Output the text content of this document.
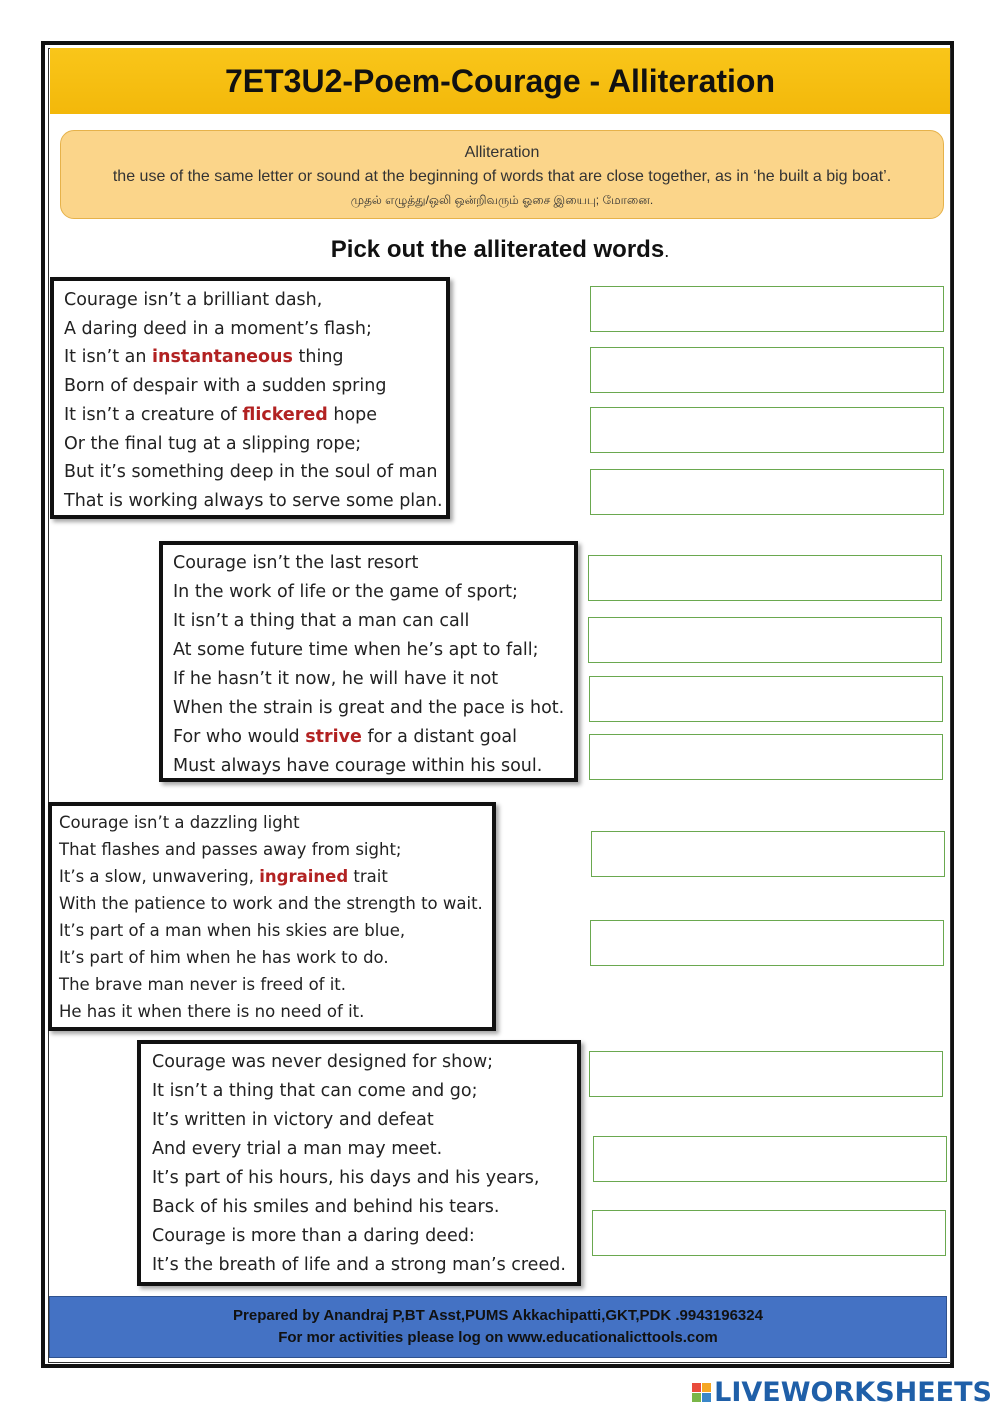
7ET3U2-Poem-Courage - Alliteration
Alliteration
the use of the same letter or sound at the beginning of words that are close together, as in ‘he built a big boat’.
முதல் எழுத்து/ஒலி ஒன்றிவரும் ஓசை இயைபு; மோனை.
Pick out the alliterated words.
Courage isn’t a brilliant dash,
A daring deed in a moment’s flash;
It isn’t an instantaneous thing
Born of despair with a sudden spring
It isn’t a creature of flickered hope
Or the final tug at a slipping rope;
But it’s something deep in the soul of man
That is working always to serve some plan.
Courage isn’t the last resort
In the work of life or the game of sport;
It isn’t a thing that a man can call
At some future time when he’s apt to fall;
If he hasn’t it now, he will have it not
When the strain is great and the pace is hot.
For who would strive for a distant goal
Must always have courage within his soul.
Courage isn’t a dazzling light
That flashes and passes away from sight;
It’s a slow, unwavering, ingrained trait
With the patience to work and the strength to wait.
It’s part of a man when his skies are blue,
It’s part of him when he has work to do.
The brave man never is freed of it.
He has it when there is no need of it.
Courage was never designed for show;
It isn’t a thing that can come and go;
It’s written in victory and defeat
And every trial a man may meet.
It’s part of his hours, his days and his years,
Back of his smiles and behind his tears.
Courage is more than a daring deed:
It’s the breath of life and a strong man’s creed.
Prepared by Anandraj P,BT Asst,PUMS Akkachipatti,GKT,PDK .9943196324
For mor activities please log on www.educationalicttools.com
LIVEWORKSHEETS
